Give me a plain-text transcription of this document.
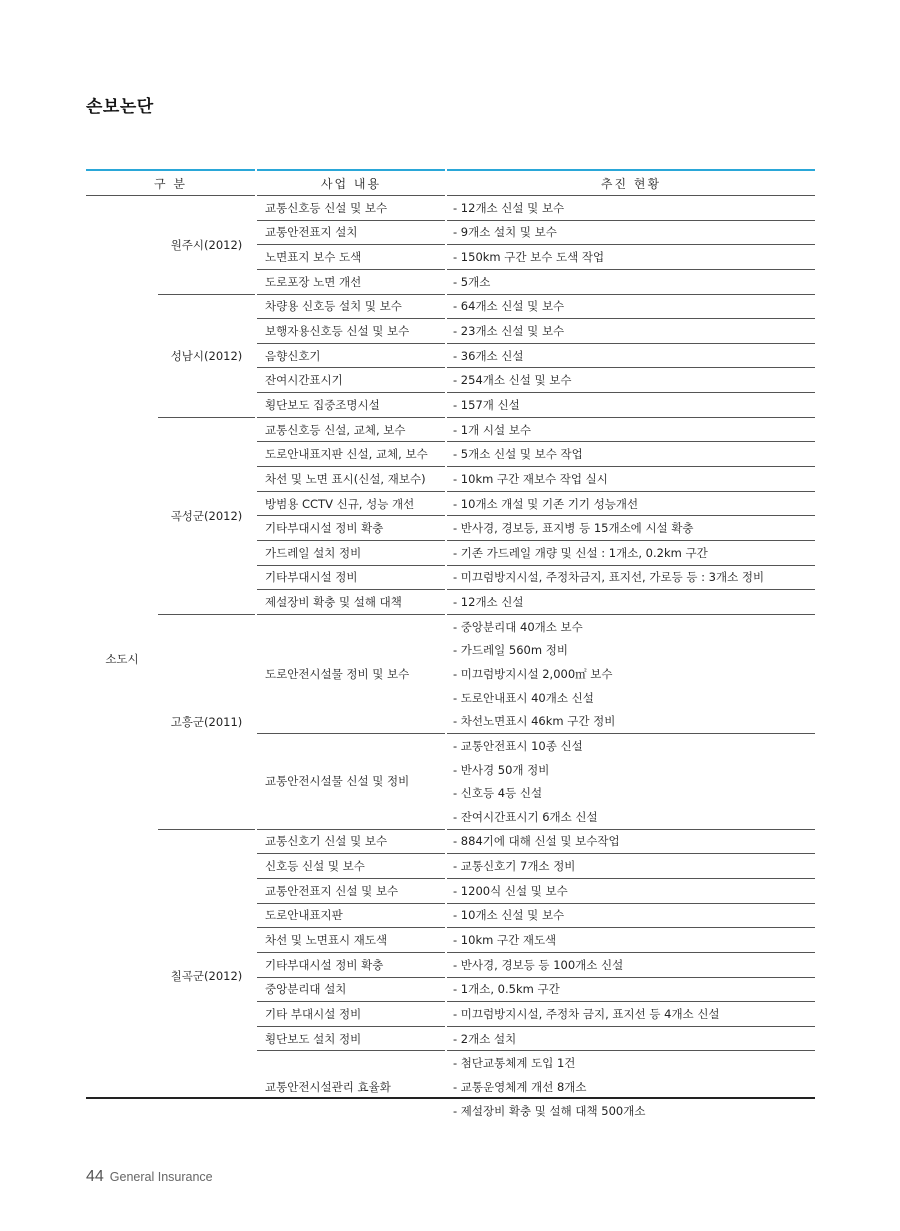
손보논단
구 분		사업 내용	추진 현황
소도시	원주시(2012)	교통신호등 신설 및 보수	- 12개소 신설 및 보수
		교통안전표지 설치	- 9개소 설치 및 보수
		노면표지 보수 도색	- 150km 구간 보수 도색 작업
		도로포장 노면 개선	- 5개소
	성남시(2012)	차량용 신호등 설치 및 보수	- 64개소 신설 및 보수
		보행자용신호등 신설 및 보수	- 23개소 신설 및 보수
		음향신호기	- 36개소 신설
		잔여시간표시기	- 254개소 신설 및 보수
		횡단보도 집중조명시설	- 157개 신설
	곡성군(2012)	교통신호등 신설, 교체, 보수	- 1개 시설 보수
		도로안내표지판 신설, 교체, 보수	- 5개소 신설 및 보수 작업
		차선 및 노면 표시(신설, 재보수)	- 10km 구간 재보수 작업 실시
		방범용 CCTV 신규, 성능 개선	- 10개소 개설 및 기존 기기 성능개선
		기타부대시설 정비 확충	- 반사경, 경보등, 표지병 등 15개소에 시설 확충
		가드레일 설치 정비	- 기존 가드레일 개량 및 신설 : 1개소, 0.2km 구간
		기타부대시설 정비	- 미끄럼방지시설, 주정차금지, 표지선, 가로등 등 : 3개소 정비
		제설장비 확충 및 설해 대책	- 12개소 신설
	고흥군(2011)	도로안전시설물 정비 및 보수	- 중앙분리대 40개소 보수
			- 가드레일 560m 정비
			- 미끄럼방지시설 2,000㎡ 보수
			- 도로안내표시 40개소 신설
			- 차선노면표시 46km 구간 정비
		교통안전시설물 신설 및 정비	- 교통안전표시 10종 신설
			- 반사경 50개 정비
			- 신호등 4등 신설
			- 잔여시간표시기 6개소 신설
	칠곡군(2012)	교통신호기 신설 및 보수	- 884기에 대해 신설 및 보수작업
		신호등 신설 및 보수	- 교통신호기 7개소 정비
		교통안전표지 신설 및 보수	- 1200식 신설 및 보수
		도로안내표지판	- 10개소 신설 및 보수
		차선 및 노면표시 재도색	- 10km 구간 재도색
		기타부대시설 정비 확충	- 반사경, 경보등 등 100개소 신설
		중앙분리대 설치	- 1개소, 0.5km 구간
		기타 부대시설 정비	- 미끄럼방지시설, 주정차 금지, 표지선 등 4개소 신설
		횡단보도 설치 정비	- 2개소 설치
		교통안전시설관리 효율화	- 첨단교통체계 도입 1건
			- 교통운영체계 개선 8개소
			- 제설장비 확충 및 설해 대책 500개소
44 General Insurance
